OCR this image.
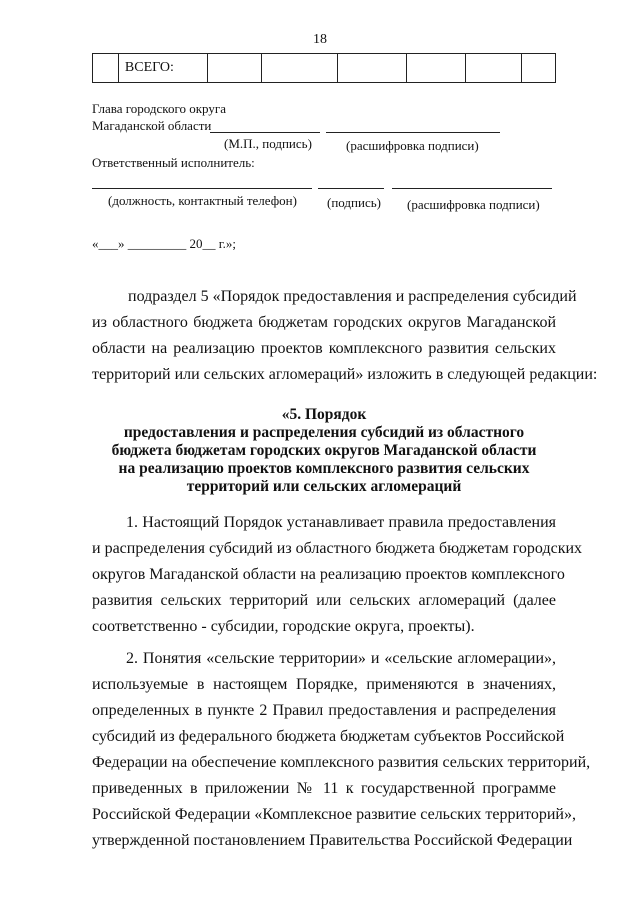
18
ВСЕГО:
Глава городского округа
Магаданской области
(М.П., подпись)	(расшифровка подписи)
Ответственный исполнитель:
(должность, контактный телефон) (подпись) (расшифровка подписи)
«___» _________ 20__ г.»;
подраздел 5 «Порядок предоставления и распределения субсидий
из областного бюджета бюджетам городских округов Магаданской
области на реализацию проектов комплексного развития сельских
территорий или сельских агломераций» изложить в следующей редакции:
«5. Порядок
предоставления и распределения субсидий из областного
бюджета бюджетам городских округов Магаданской области
на реализацию проектов комплексного развития сельских
территорий или сельских агломераций
1. Настоящий Порядок устанавливает правила предоставления
и распределения субсидий из областного бюджета бюджетам городских
округов Магаданской области на реализацию проектов комплексного
развития сельских территорий или сельских агломераций (далее
соответственно - субсидии, городские округа, проекты).
2. Понятия «сельские территории» и «сельские агломерации»,
используемые в настоящем Порядке, применяются в значениях,
определенных в пункте 2 Правил предоставления и распределения
субсидий из федерального бюджета бюджетам субъектов Российской
Федерации на обеспечение комплексного развития сельских территорий,
приведенных в приложении № 11 к государственной программе
Российской Федерации «Комплексное развитие сельских территорий»,
утвержденной постановлением Правительства Российской Федерации
